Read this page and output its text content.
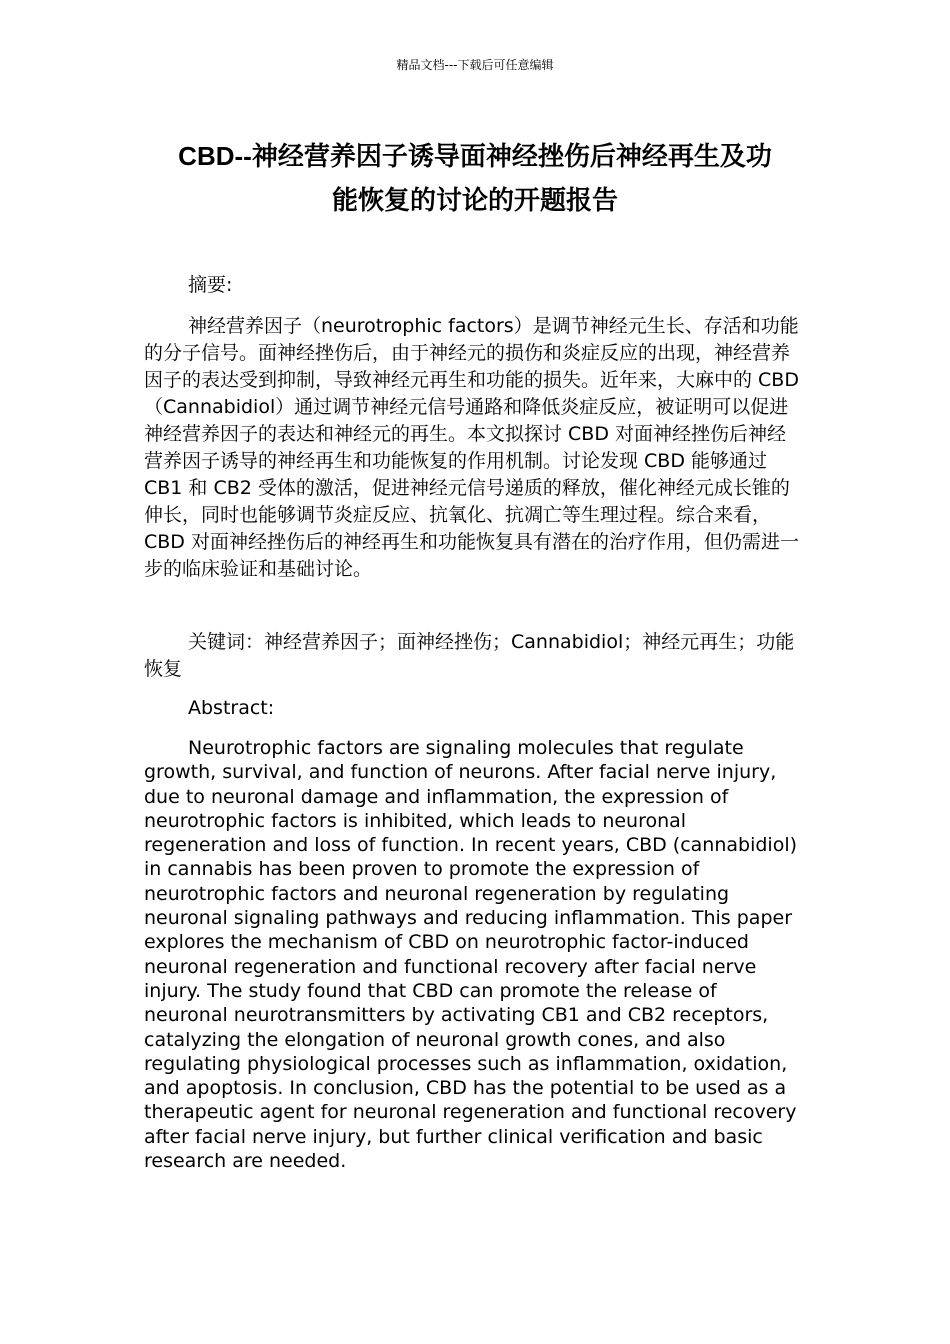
精品文档---下载后可任意编辑
CBD--神经营养因子诱导面神经挫伤后神经再生及功
能恢复的讨论的开题报告

摘要:

神经营养因子（neurotrophic factors）是调节神经元生长、存活和功能的分子信号。面神经挫伤后，由于神经元的损伤和炎症反应的出现，神经营养因子的表达受到抑制，导致神经元再生和功能的损失。近年来，大麻中的 CBD（Cannabidiol）通过调节神经元信号通路和降低炎症反应，被证明可以促进神经营养因子的表达和神经元的再生。本文拟探讨 CBD 对面神经挫伤后神经营养因子诱导的神经再生和功能恢复的作用机制。讨论发现 CBD 能够通过 CB1 和 CB2 受体的激活，促进神经元信号递质的释放，催化神经元成长锥的伸长，同时也能够调节炎症反应、抗氧化、抗凋亡等生理过程。综合来看，CBD 对面神经挫伤后的神经再生和功能恢复具有潜在的治疗作用，但仍需进一步的临床验证和基础讨论。

关键词：神经营养因子；面神经挫伤；Cannabidiol；神经元再生；功能恢复

Abstract:

Neurotrophic factors are signaling molecules that regulate growth, survival, and function of neurons. After facial nerve injury, due to neuronal damage and inflammation, the expression of neurotrophic factors is inhibited, which leads to neuronal regeneration and loss of function. In recent years, CBD (cannabidiol) in cannabis has been proven to promote the expression of neurotrophic factors and neuronal regeneration by regulating neuronal signaling pathways and reducing inflammation. This paper explores the mechanism of CBD on neurotrophic factor-induced neuronal regeneration and functional recovery after facial nerve injury. The study found that CBD can promote the release of neuronal neurotransmitters by activating CB1 and CB2 receptors, catalyzing the elongation of neuronal growth cones, and also regulating physiological processes such as inflammation, oxidation, and apoptosis. In conclusion, CBD has the potential to be used as a therapeutic agent for neuronal regeneration and functional recovery after facial nerve injury, but further clinical verification and basic research are needed.
